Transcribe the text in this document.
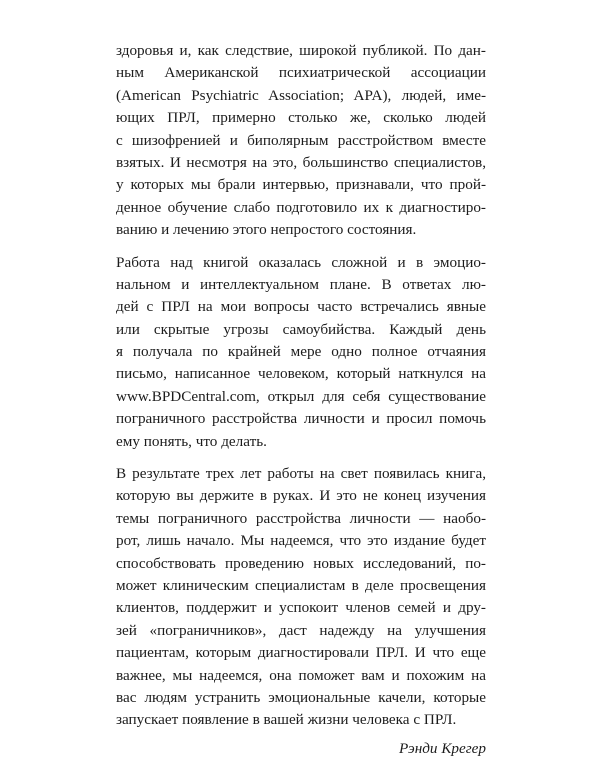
здоровья и, как следствие, широкой публикой. По дан-
ным Американской психиатрической ассоциации
(American Psychiatric Association; APA), людей, име-
ющих ПРЛ, примерно столько же, сколько людей
с шизофренией и биполярным расстройством вместе
взятых. И несмотря на это, большинство специалистов,
у которых мы брали интервью, признавали, что прой-
денное обучение слабо подготовило их к диагностиро-
ванию и лечению этого непростого состояния.
Работа над книгой оказалась сложной и в эмоцио-
нальном и интеллектуальном плане. В ответах лю-
дей с ПРЛ на мои вопросы часто встречались явные
или скрытые угрозы самоубийства. Каждый день
я получала по крайней мере одно полное отчаяния
письмо, написанное человеком, который наткнулся на
www.BPDCentral.com, открыл для себя существование
пограничного расстройства личности и просил помочь
ему понять, что делать.
В результате трех лет работы на свет появилась книга,
которую вы держите в руках. И это не конец изучения
темы пограничного расстройства личности — наобо-
рот, лишь начало. Мы надеемся, что это издание будет
способствовать проведению новых исследований, по-
может клиническим специалистам в деле просвещения
клиентов, поддержит и успокоит членов семей и дру-
зей «пограничников», даст надежду на улучшения
пациентам, которым диагностировали ПРЛ. И что еще
важнее, мы надеемся, она поможет вам и похожим на
вас людям устранить эмоциональные качели, которые
запускает появление в вашей жизни человека с ПРЛ.
Рэнди Крегер
